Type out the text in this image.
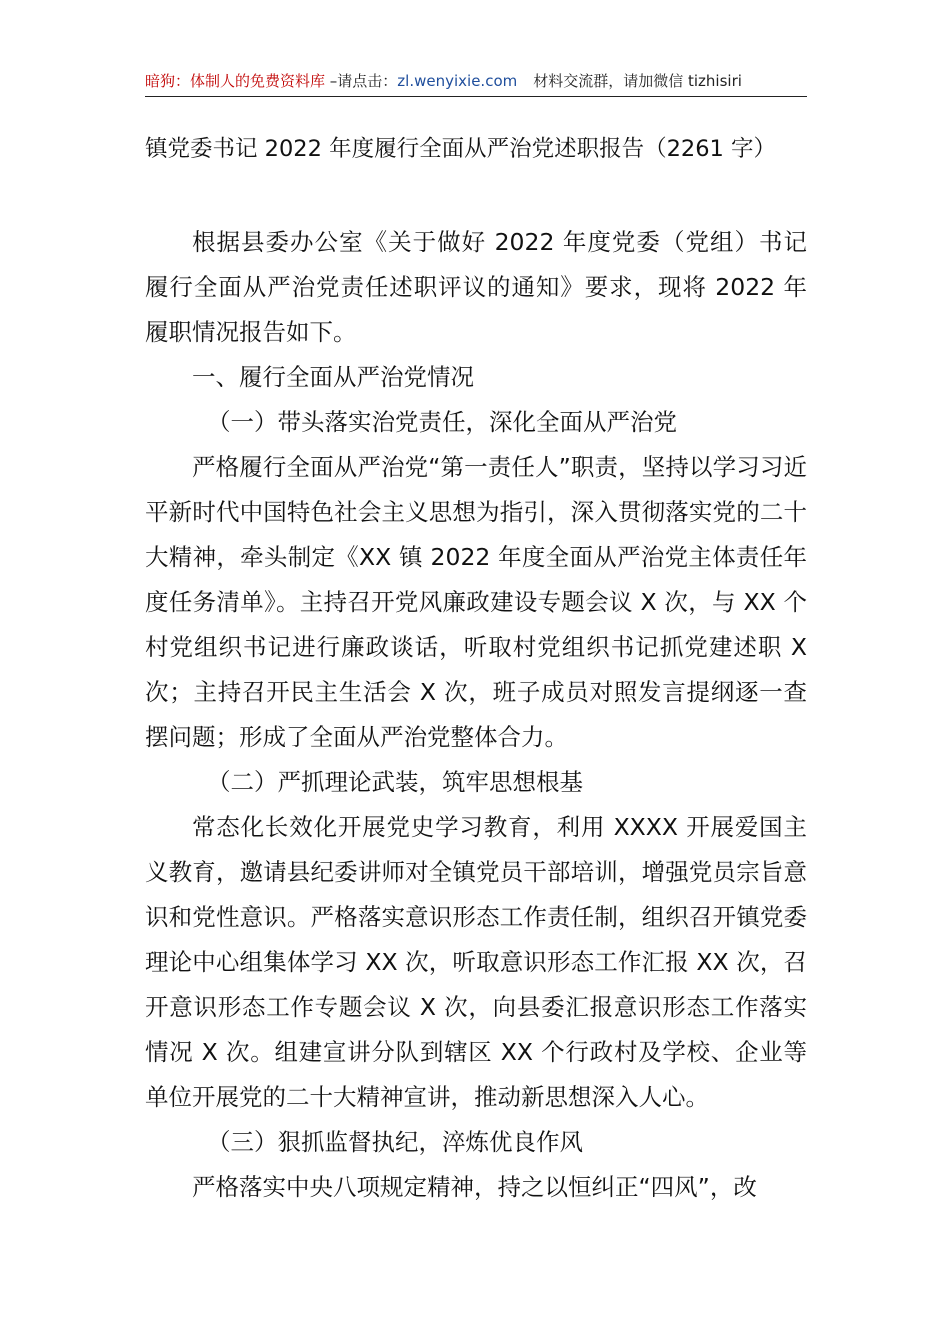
暗狗：体制人的免费资料库 –请点击：zl.wenyixie.com 材料交流群，请加微信 tizhisiri
镇党委书记 2022 年度履行全面从严治党述职报告（2261 字）

根据县委办公室《关于做好 2022 年度党委（党组）书记履行全面从严治党责任述职评议的通知》要求，现将 2022 年履职情况报告如下。

一、履行全面从严治党情况

（一）带头落实治党责任，深化全面从严治党

严格履行全面从严治党“第一责任人”职责，坚持以学习习近平新时代中国特色社会主义思想为指引，深入贯彻落实党的二十大精神，牵头制定《XX 镇 2022 年度全面从严治党主体责任年度任务清单》。主持召开党风廉政建设专题会议 X 次，与 XX 个村党组织书记进行廉政谈话，听取村党组织书记抓党建述职 X 次；主持召开民主生活会 X 次，班子成员对照发言提纲逐一查摆问题；形成了全面从严治党整体合力。

（二）严抓理论武装，筑牢思想根基

常态化长效化开展党史学习教育，利用 XXXX 开展爱国主义教育，邀请县纪委讲师对全镇党员干部培训，增强党员宗旨意识和党性意识。严格落实意识形态工作责任制，组织召开镇党委理论中心组集体学习 XX 次，听取意识形态工作汇报 XX 次，召开意识形态工作专题会议 X 次，向县委汇报意识形态工作落实情况 X 次。组建宣讲分队到辖区 XX 个行政村及学校、企业等单位开展党的二十大精神宣讲，推动新思想深入人心。

（三）狠抓监督执纪，淬炼优良作风

严格落实中央八项规定精神，持之以恒纠正“四风”，改
